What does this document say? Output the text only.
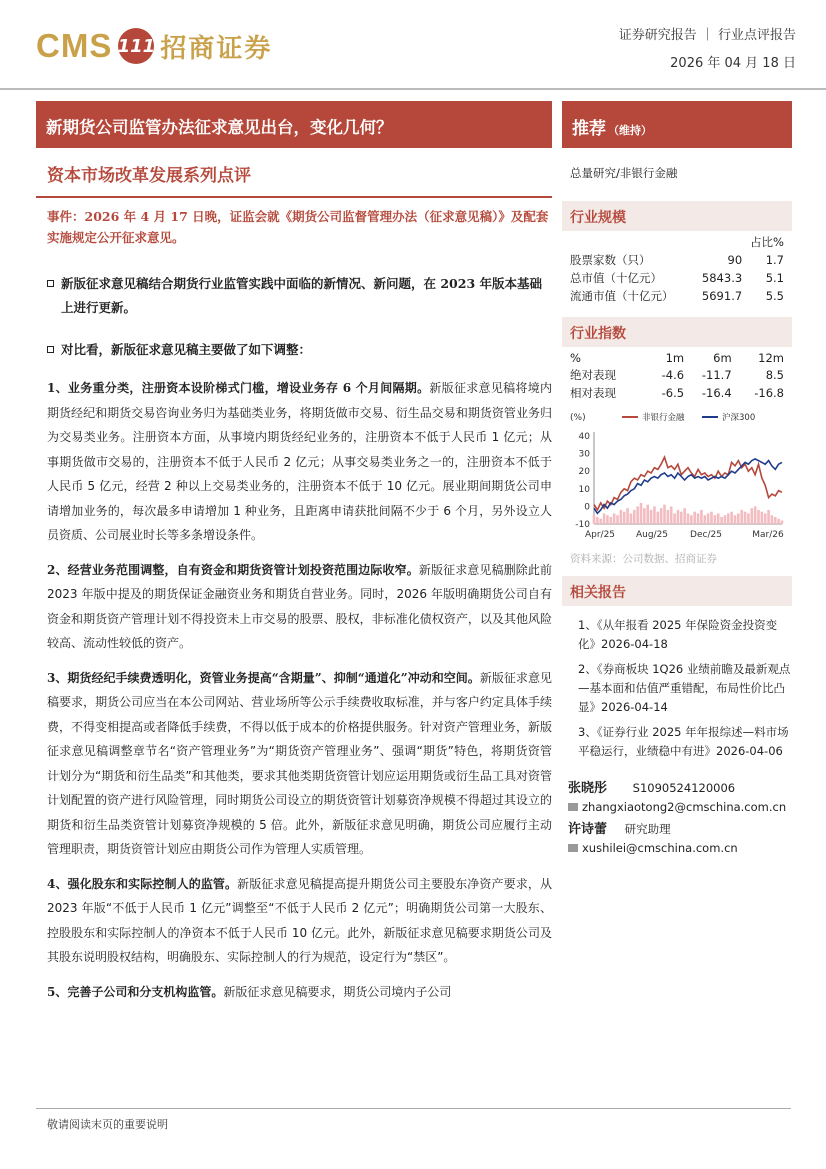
CMS 111 招商证券	证券研究报告 ｜ 行业点评报告
2026 年 04 月 18 日
新期货公司监管办法征求意见出台，变化几何？	推荐 （维持）
资本市场改革发展系列点评
事件：2026 年 4 月 17 日晚，证监会就《期货公司监督管理办法（征求意见稿）》及配套实施规定公开征求意见。
新版征求意见稿结合期货行业监管实践中面临的新情况、新问题，在 2023 年版本基础上进行更新。
对比看，新版征求意见稿主要做了如下调整：

1、业务重分类，注册资本设阶梯式门槛，增设业务存 6 个月间隔期。新版征求意见稿将境内期货经纪和期货交易咨询业务归为基础类业务，将期货做市交易、衍生品交易和期货资管业务归为交易类业务。注册资本方面，从事境内期货经纪业务的，注册资本不低于人民币 1 亿元；从事期货做市交易的，注册资本不低于人民币 2 亿元；从事交易类业务之一的，注册资本不低于人民币 5 亿元，经营 2 种以上交易类业务的，注册资本不低于 10 亿元。展业期间期货公司申请增加业务的，每次最多申请增加 1 种业务，且距离申请获批间隔不少于 6 个月，另外设立人员资质、公司展业时长等多条增设条件。

2、经营业务范围调整，自有资金和期货资管计划投资范围边际收窄。新版征求意见稿删除此前 2023 年版中提及的期货保证金融资业务和期货自营业务。同时，2026 年版明确期货公司自有资金和期货资产管理计划不得投资未上市交易的股票、股权，非标准化债权资产，以及其他风险较高、流动性较低的资产。

3、期货经纪手续费透明化，资管业务提高“含期量”、抑制“通道化”冲动和空间。新版征求意见稿要求，期货公司应当在本公司网站、营业场所等公示手续费收取标准，并与客户约定具体手续费，不得变相提高或者降低手续费，不得以低于成本的价格提供服务。针对资产管理业务，新版征求意见稿调整章节名“资产管理业务”为“期货资产管理业务”、强调“期货”特色，将期货资管计划分为“期货和衍生品类”和其他类，要求其他类期货资管计划应运用期货或衍生品工具对资管计划配置的资产进行风险管理，同时期货公司设立的期货资管计划募资净规模不得超过其设立的期货和衍生品类资管计划募资净规模的 5 倍。此外，新版征求意见明确，期货公司应履行主动管理职责，期货资管计划应由期货公司作为管理人实质管理。

4、强化股东和实际控制人的监管。新版征求意见稿提高提升期货公司主要股东净资产要求，从 2023 年版“不低于人民币 1 亿元”调整至“不低于人民币 2 亿元”；明确期货公司第一大股东、控股股东和实际控制人的净资本不低于人民币 10 亿元。此外，新版征求意见稿要求期货公司及其股东说明股权结构，明确股东、实际控制人的行为规范，设定行为“禁区”。

5、完善子公司和分支机构监管。新版征求意见稿要求，期货公司境内子公司

总量研究/非银行金融
行业规模
		占比%
股票家数（只）	90	1.7
总市值（十亿元）	5843.3	5.1
流通市值（十亿元）	5691.7	5.5
行业指数
%	1m	6m	12m
绝对表现	-4.6	-11.7	8.5
相对表现	-6.5	-16.4	-16.8
(%)	非银行金融	沪深300
40
30
20
10
0
-10
Apr/25 Aug/25 Dec/25	Mar/26
资料来源：公司数据、招商证券
相关报告
1、《从年报看 2025 年保险资金投资变化》2026-04-18
2、《券商板块 1Q26 业绩前瞻及最新观点—基本面和估值严重错配，布局性价比凸显》2026-04-14
3、《证券行业 2025 年年报综述—料市场平稳运行，业绩稳中有进》2026-04-06
张晓彤 S1090524120006
zhangxiaotong2@cmschina.com.cn
许诗蕾 研究助理
xushilei@cmschina.com.cn
敬请阅读末页的重要说明
